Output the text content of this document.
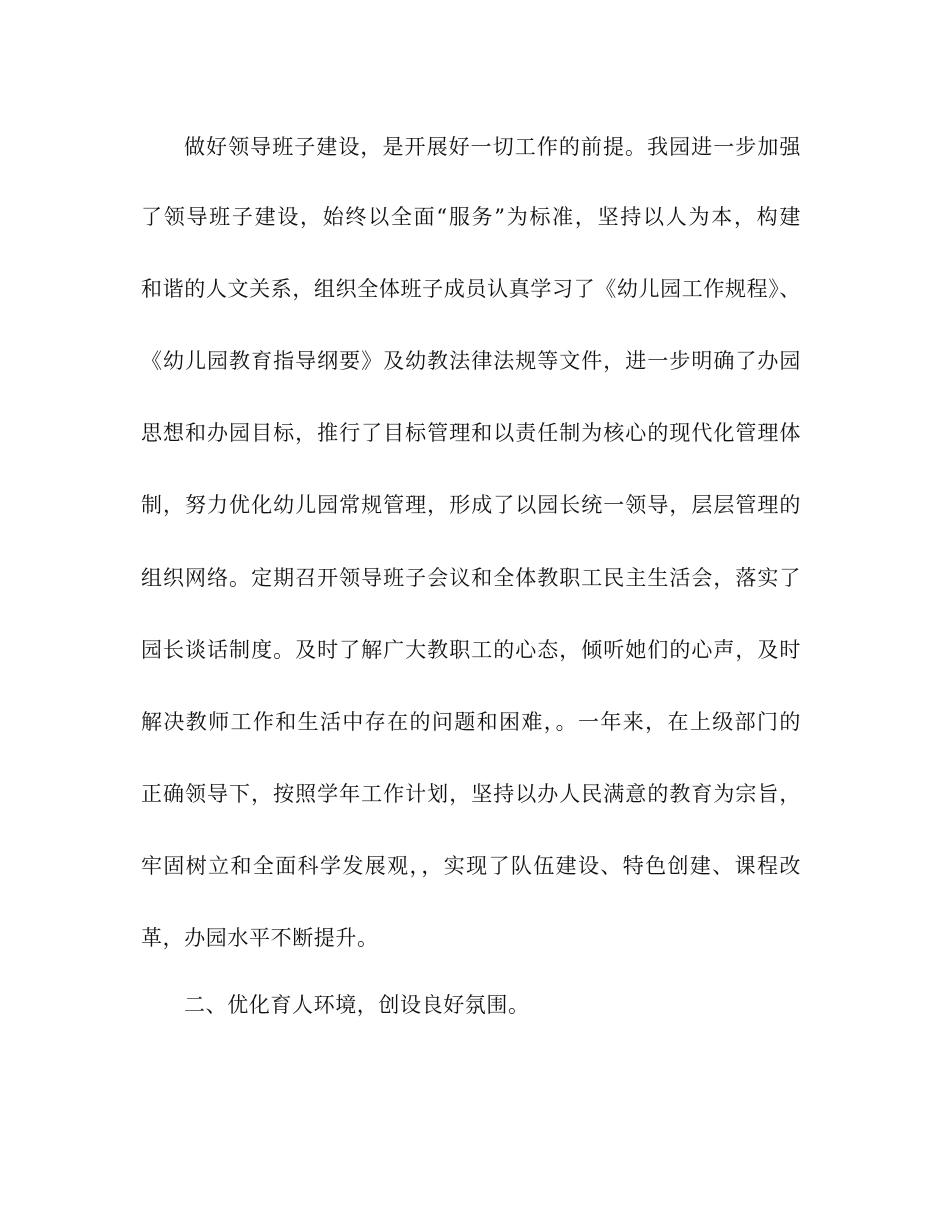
做好领导班子建设，是开展好一切工作的前提。我园进一步加强
了领导班子建设，始终以全面“服务”为标准，坚持以人为本，构建
和谐的人文关系，组织全体班子成员认真学习了《幼儿园工作规程》、
《幼儿园教育指导纲要》及幼教法律法规等文件，进一步明确了办园
思想和办园目标，推行了目标管理和以责任制为核心的现代化管理体
制，努力优化幼儿园常规管理，形成了以园长统一领导，层层管理的
组织网络。定期召开领导班子会议和全体教职工民主生活会，落实了
园长谈话制度。及时了解广大教职工的心态，倾听她们的心声，及时
解决教师工作和生活中存在的问题和困难，。一年来，在上级部门的
正确领导下，按照学年工作计划，坚持以办人民满意的教育为宗旨，
牢固树立和全面科学发展观，，实现了队伍建设、特色创建、课程改
革，办园水平不断提升。
二、优化育人环境，创设良好氛围。
